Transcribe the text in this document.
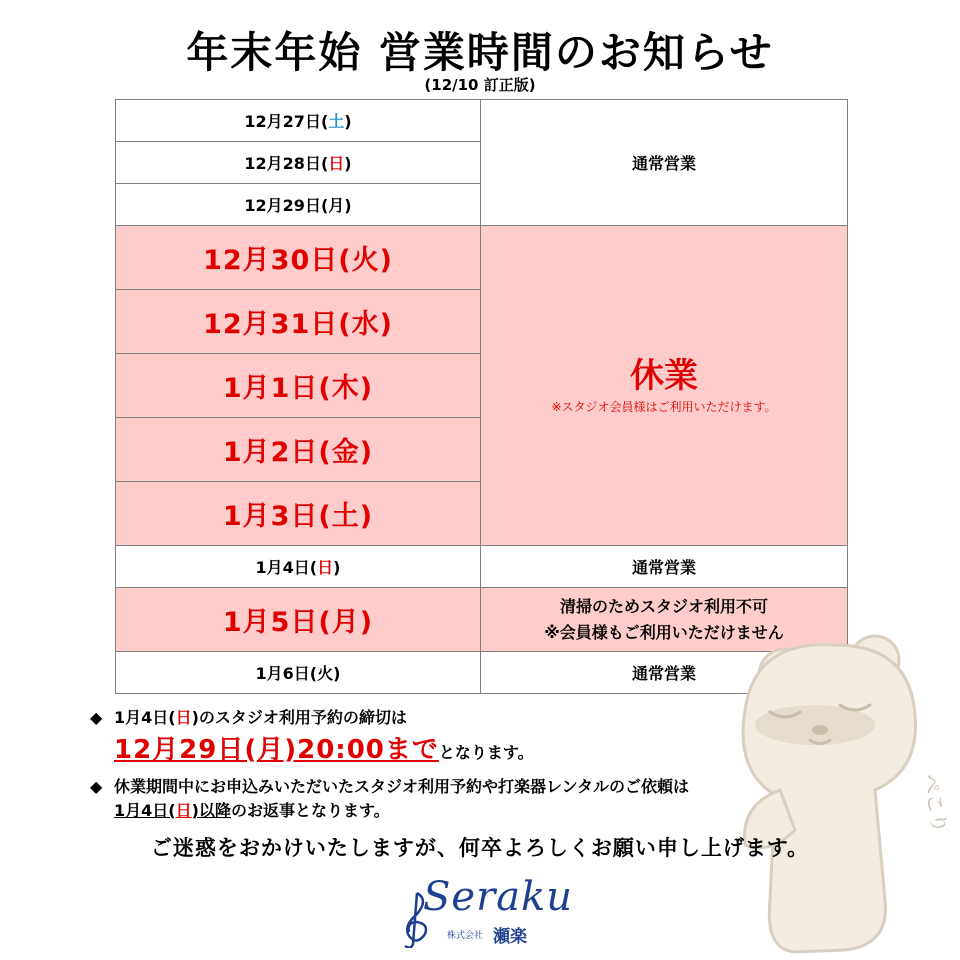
年末年始 営業時間のお知らせ
(12/10 訂正版)
12月27日(土)	通常営業
12月28日(日)	
12月29日(月)	
12月30日(火)	休業
※スタジオ会員様はご利用いただけます。

12月31日(水)	
1月1日(木)	
1月2日(金)	
1月3日(土)	
1月4日(日)	通常営業
1月5日(月)	清掃のためスタジオ利用不可
※会員様もご利用いただけません

1月6日(火)	通常営業
ぺこり
◆ 1月4日(日)のスタジオ利用予約の締切は
12月29日(月)20:00までとなります。
◆ 休業期間中にお申込みいただいたスタジオ利用予約や打楽器レンタルのご依頼は
1月4日(日)以降のお返事となります。
ご迷惑をおかけいたしますが、何卒よろしくお願い申し上げます。
Seraku
株式会社 瀬楽
